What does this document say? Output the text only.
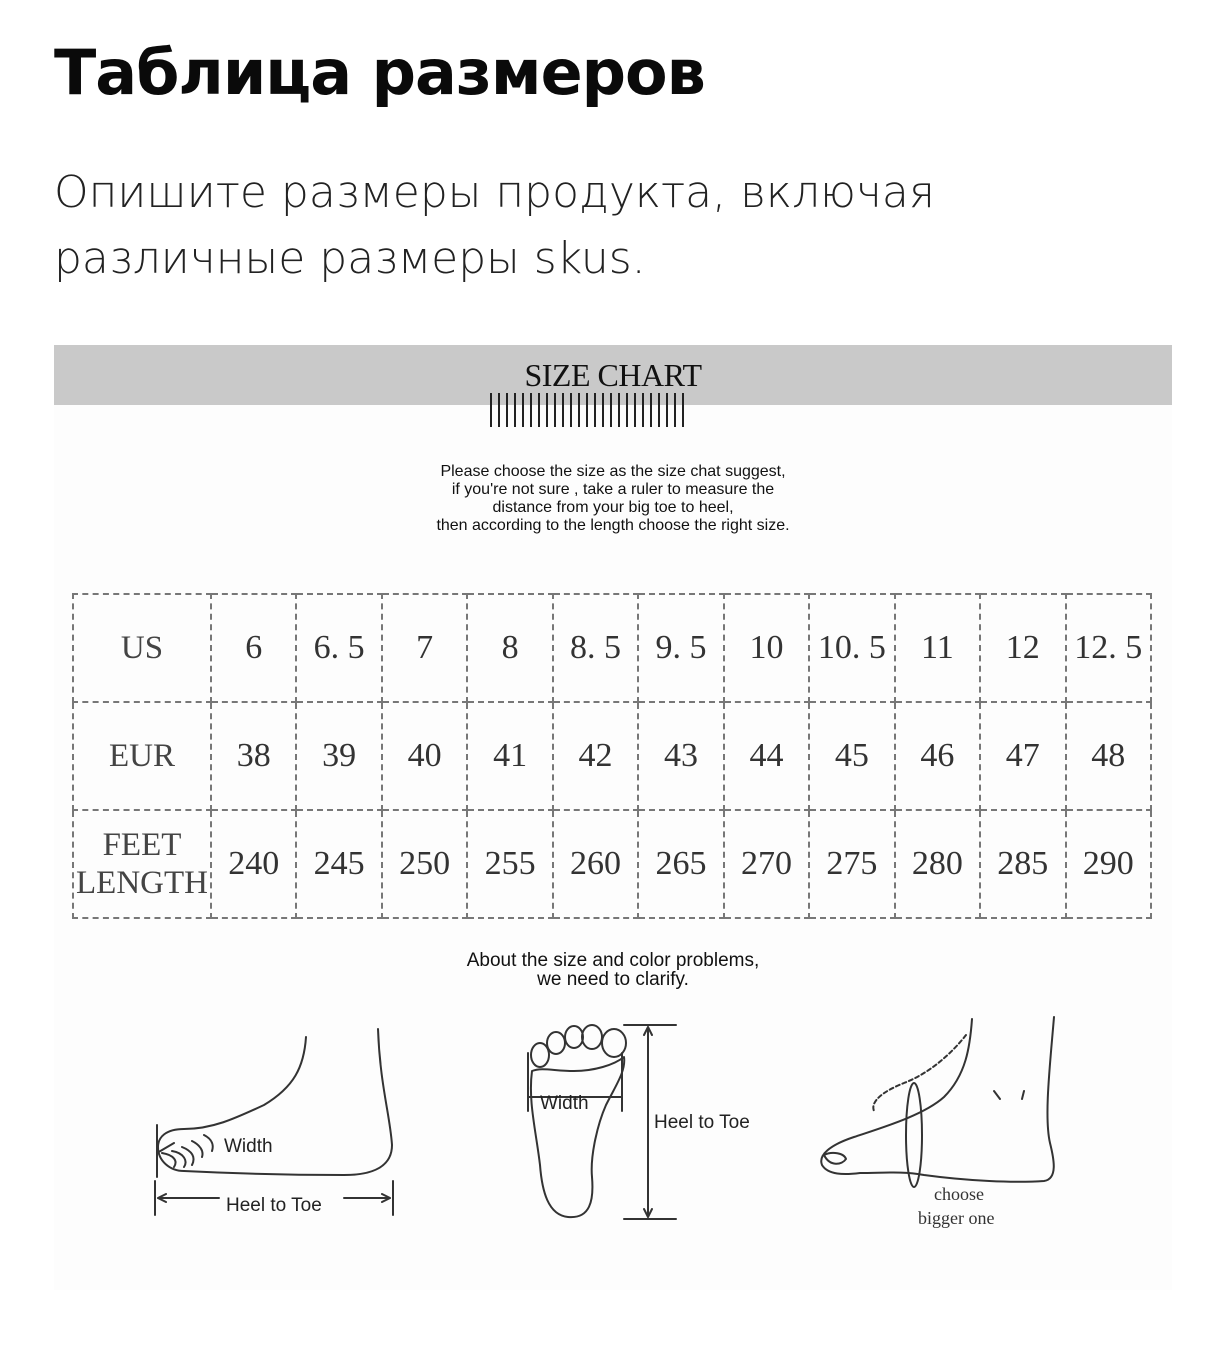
Таблица размеров
Опишите размеры продукта, включая различные размеры skus.
SIZE CHART
Please choose the size as the size chat suggest,
if you're not sure , take a ruler to measure the
distance from your big toe to heel,
then according to the length choose the right size.
US	6	6. 5	7	8	8. 5	9. 5	10	10. 5	11	12	12. 5
EUR	38	39	40	41	42	43	44	45	46	47	48
FEET
LENGTH	240	245	250	255	260	265	270	275	280	285	290
About the size and color problems,
we need to clarify.
Width
Heel to Toe
Width
Heel to Toe
choose
bigger one
